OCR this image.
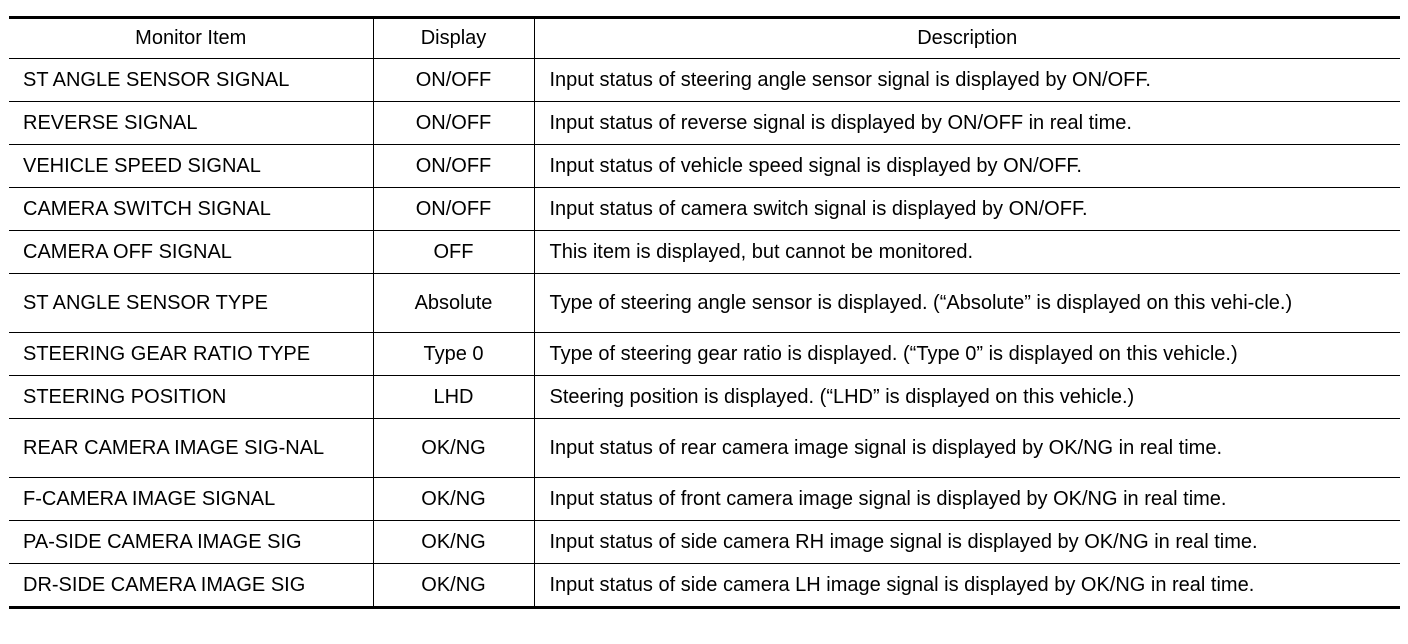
Monitor Item	Display	Description
ST ANGLE SENSOR SIGNAL	ON/OFF	Input status of steering angle sensor signal is displayed by ON/OFF.
REVERSE SIGNAL	ON/OFF	Input status of reverse signal is displayed by ON/OFF in real time.
VEHICLE SPEED SIGNAL	ON/OFF	Input status of vehicle speed signal is displayed by ON/OFF.
CAMERA SWITCH SIGNAL	ON/OFF	Input status of camera switch signal is displayed by ON/OFF.
CAMERA OFF SIGNAL	OFF	This item is displayed, but cannot be monitored.
ST ANGLE SENSOR TYPE	Absolute	Type of steering angle sensor is displayed. (“Absolute” is displayed on this vehi-cle.)
STEERING GEAR RATIO TYPE	Type 0	Type of steering gear ratio is displayed. (“Type 0” is displayed on this vehicle.)
STEERING POSITION	LHD	Steering position is displayed. (“LHD” is displayed on this vehicle.)
REAR CAMERA IMAGE SIG-NAL	OK/NG	Input status of rear camera image signal is displayed by OK/NG in real time.
F-CAMERA IMAGE SIGNAL	OK/NG	Input status of front camera image signal is displayed by OK/NG in real time.
PA-SIDE CAMERA IMAGE SIG	OK/NG	Input status of side camera RH image signal is displayed by OK/NG in real time.
DR-SIDE CAMERA IMAGE SIG	OK/NG	Input status of side camera LH image signal is displayed by OK/NG in real time.
